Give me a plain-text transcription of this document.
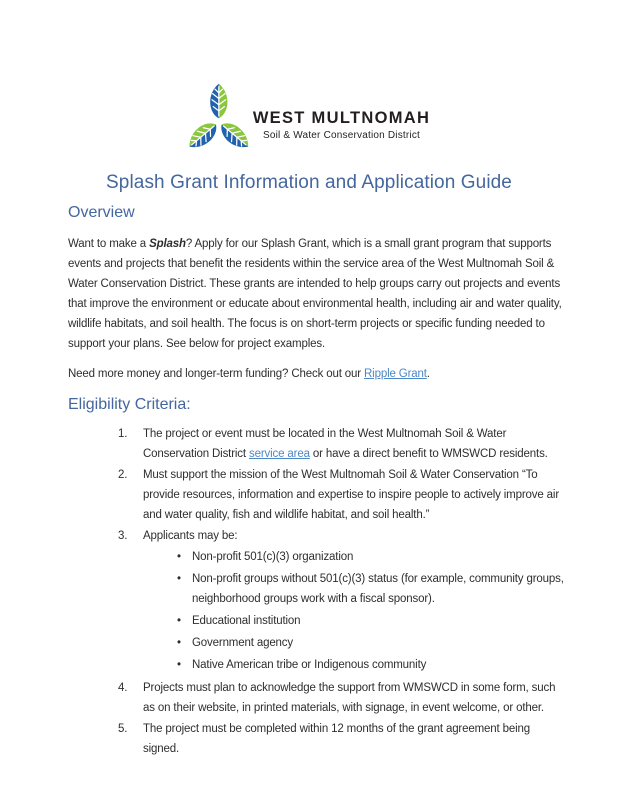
WEST MULTNOMAH
Soil & Water Conservation District
Splash Grant Information and Application Guide
Overview

Want to make a Splash? Apply for our Splash Grant, which is a small grant program that supports events and projects that benefit the residents within the service area of the West Multnomah Soil & Water Conservation District. These grants are intended to help groups carry out projects and events that improve the environment or educate about environmental health, including air and water quality, wildlife habitats, and soil health. The focus is on short-term projects or specific funding needed to support your plans. See below for project examples.

Need more money and longer-term funding? Check out our Ripple Grant.

Eligibility Criteria:
1.	The project or event must be located in the West Multnomah Soil & Water Conservation District service area or have a direct benefit to WMSWCD residents.
2.	Must support the mission of the West Multnomah Soil & Water Conservation “To provide resources, information and expertise to inspire people to actively improve air and water quality, fish and wildlife habitat, and soil health.”
3.	Applicants may be:
• Non-profit 501(c)(3) organization
• Non-profit groups without 501(c)(3) status (for example, community groups, neighborhood groups work with a fiscal sponsor).
• Educational institution
• Government agency
• Native American tribe or Indigenous community
4.	Projects must plan to acknowledge the support from WMSWCD in some form, such as on their website, in printed materials, with signage, in event welcome, or other.
5.	The project must be completed within 12 months of the grant agreement being signed.
